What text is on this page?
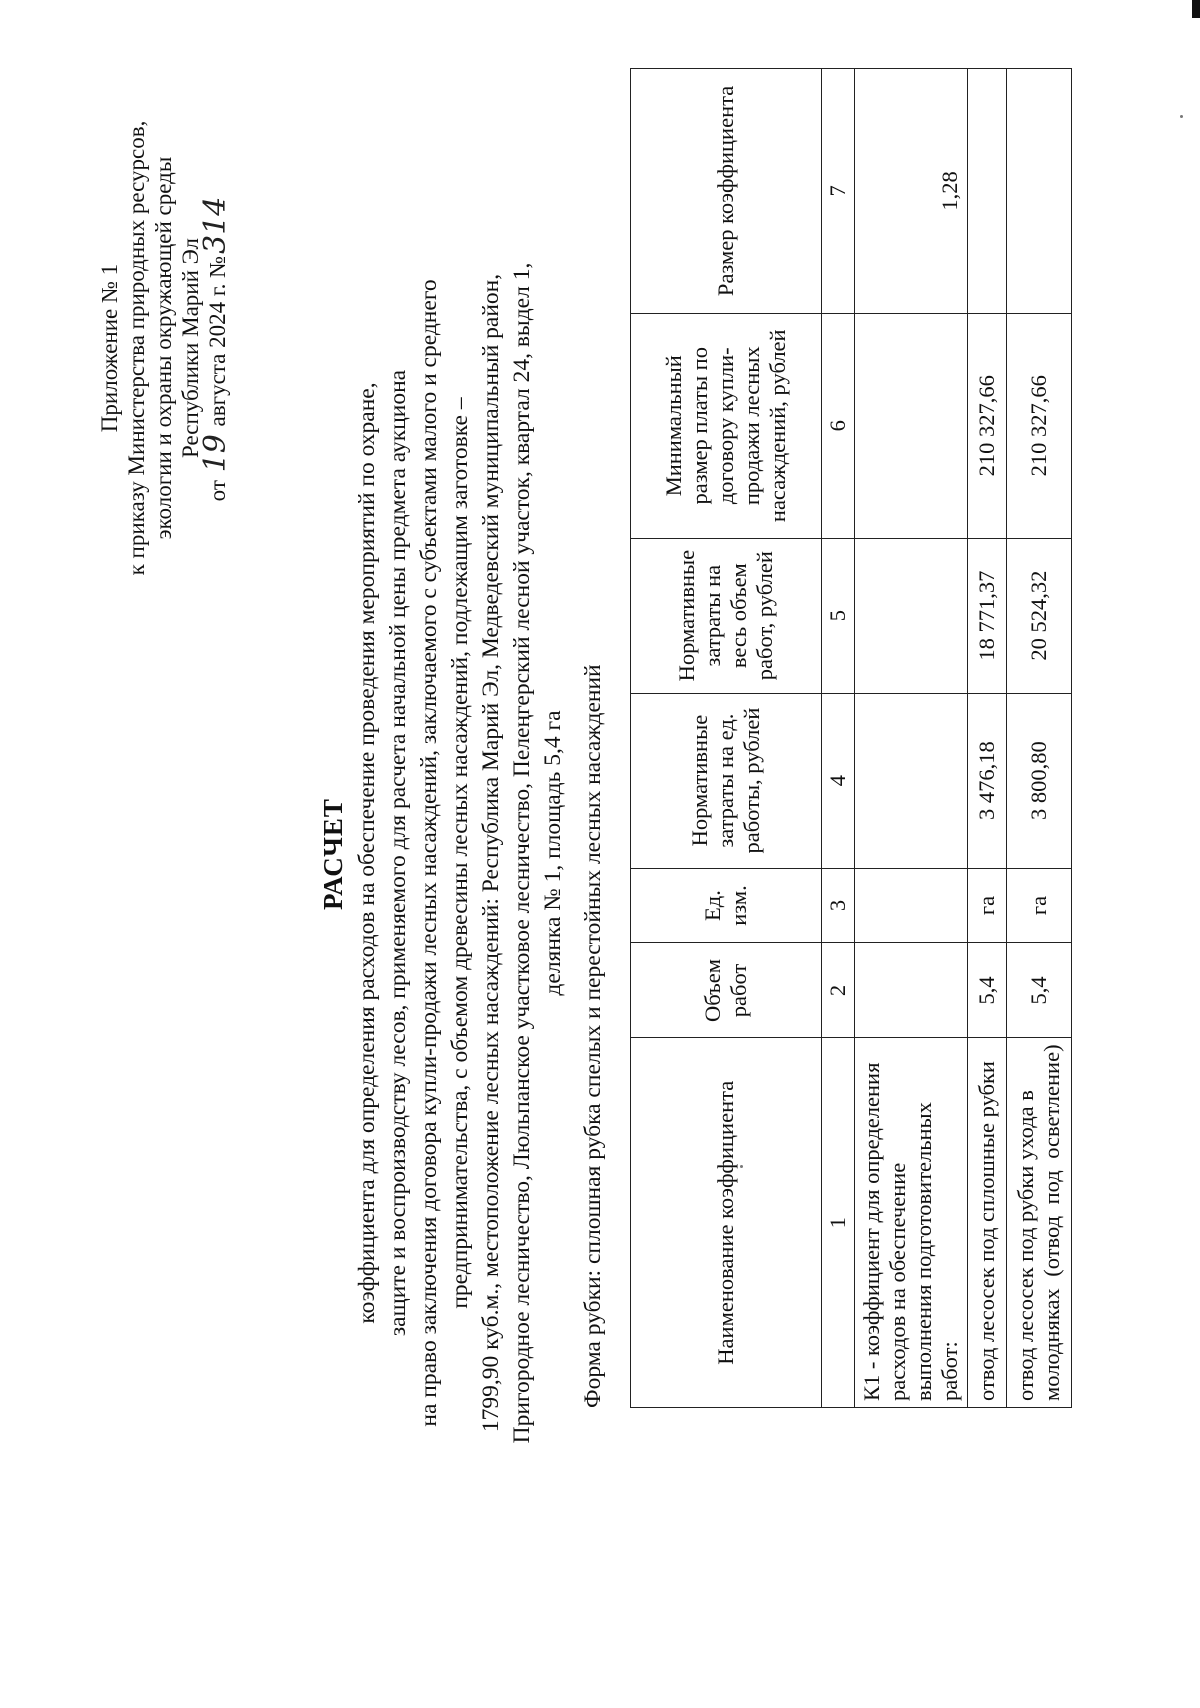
Приложение № 1 к приказу Министерства природных ресурсов, экологии и охраны окружающей среды Республики Марий Эл
от 19 августа 2024 г. №314
РАСЧЕТ коэффициента для определения расходов на обеспечение проведения мероприятий по охране, защите и воспроизводству лесов, применяемого для расчета начальной цены предмета аукциона на право заключения договора купли-продажи лесных насаждений, заключаемого с субъектами малого и среднего предпринимательства, с объемом древесины лесных насаждений, подлежащим заготовке – 1799,90 куб.м., местоположение лесных насаждений: Республика Марий Эл, Медведевский муниципальный район, Пригородное лесничество, Люльпанское участковое лесничество, Пелеңгерский лесной участок, квартал 24, выдел 1, делянка № 1, площадь 5,4 га Форма рубки: сплошная рубка спелых и перестойных лесных насаждений	Наименование коэффициента	Объем работ	Ед. изм.	Нормативные затраты на ед. работы, рублей	Нормативные затраты на весь объем работ, рублей	Минимальный размер платы по договору купли-продажи лесных насаждений, рублей	Размер коэффициента
1	2	3	4	5	6	7
К1 - коэффициент для определения расходов на обеспечение выполнения подготовительных работ:						1,28
отвод лесосек под сплошные рубки	5,4	га	3 476,18	18 771,37	210 327,66	
отвод лесосек под рубки ухода в молодняках (отвод под осветление)	5,4	га	3 800,80	20 524,32	210 327,66	
